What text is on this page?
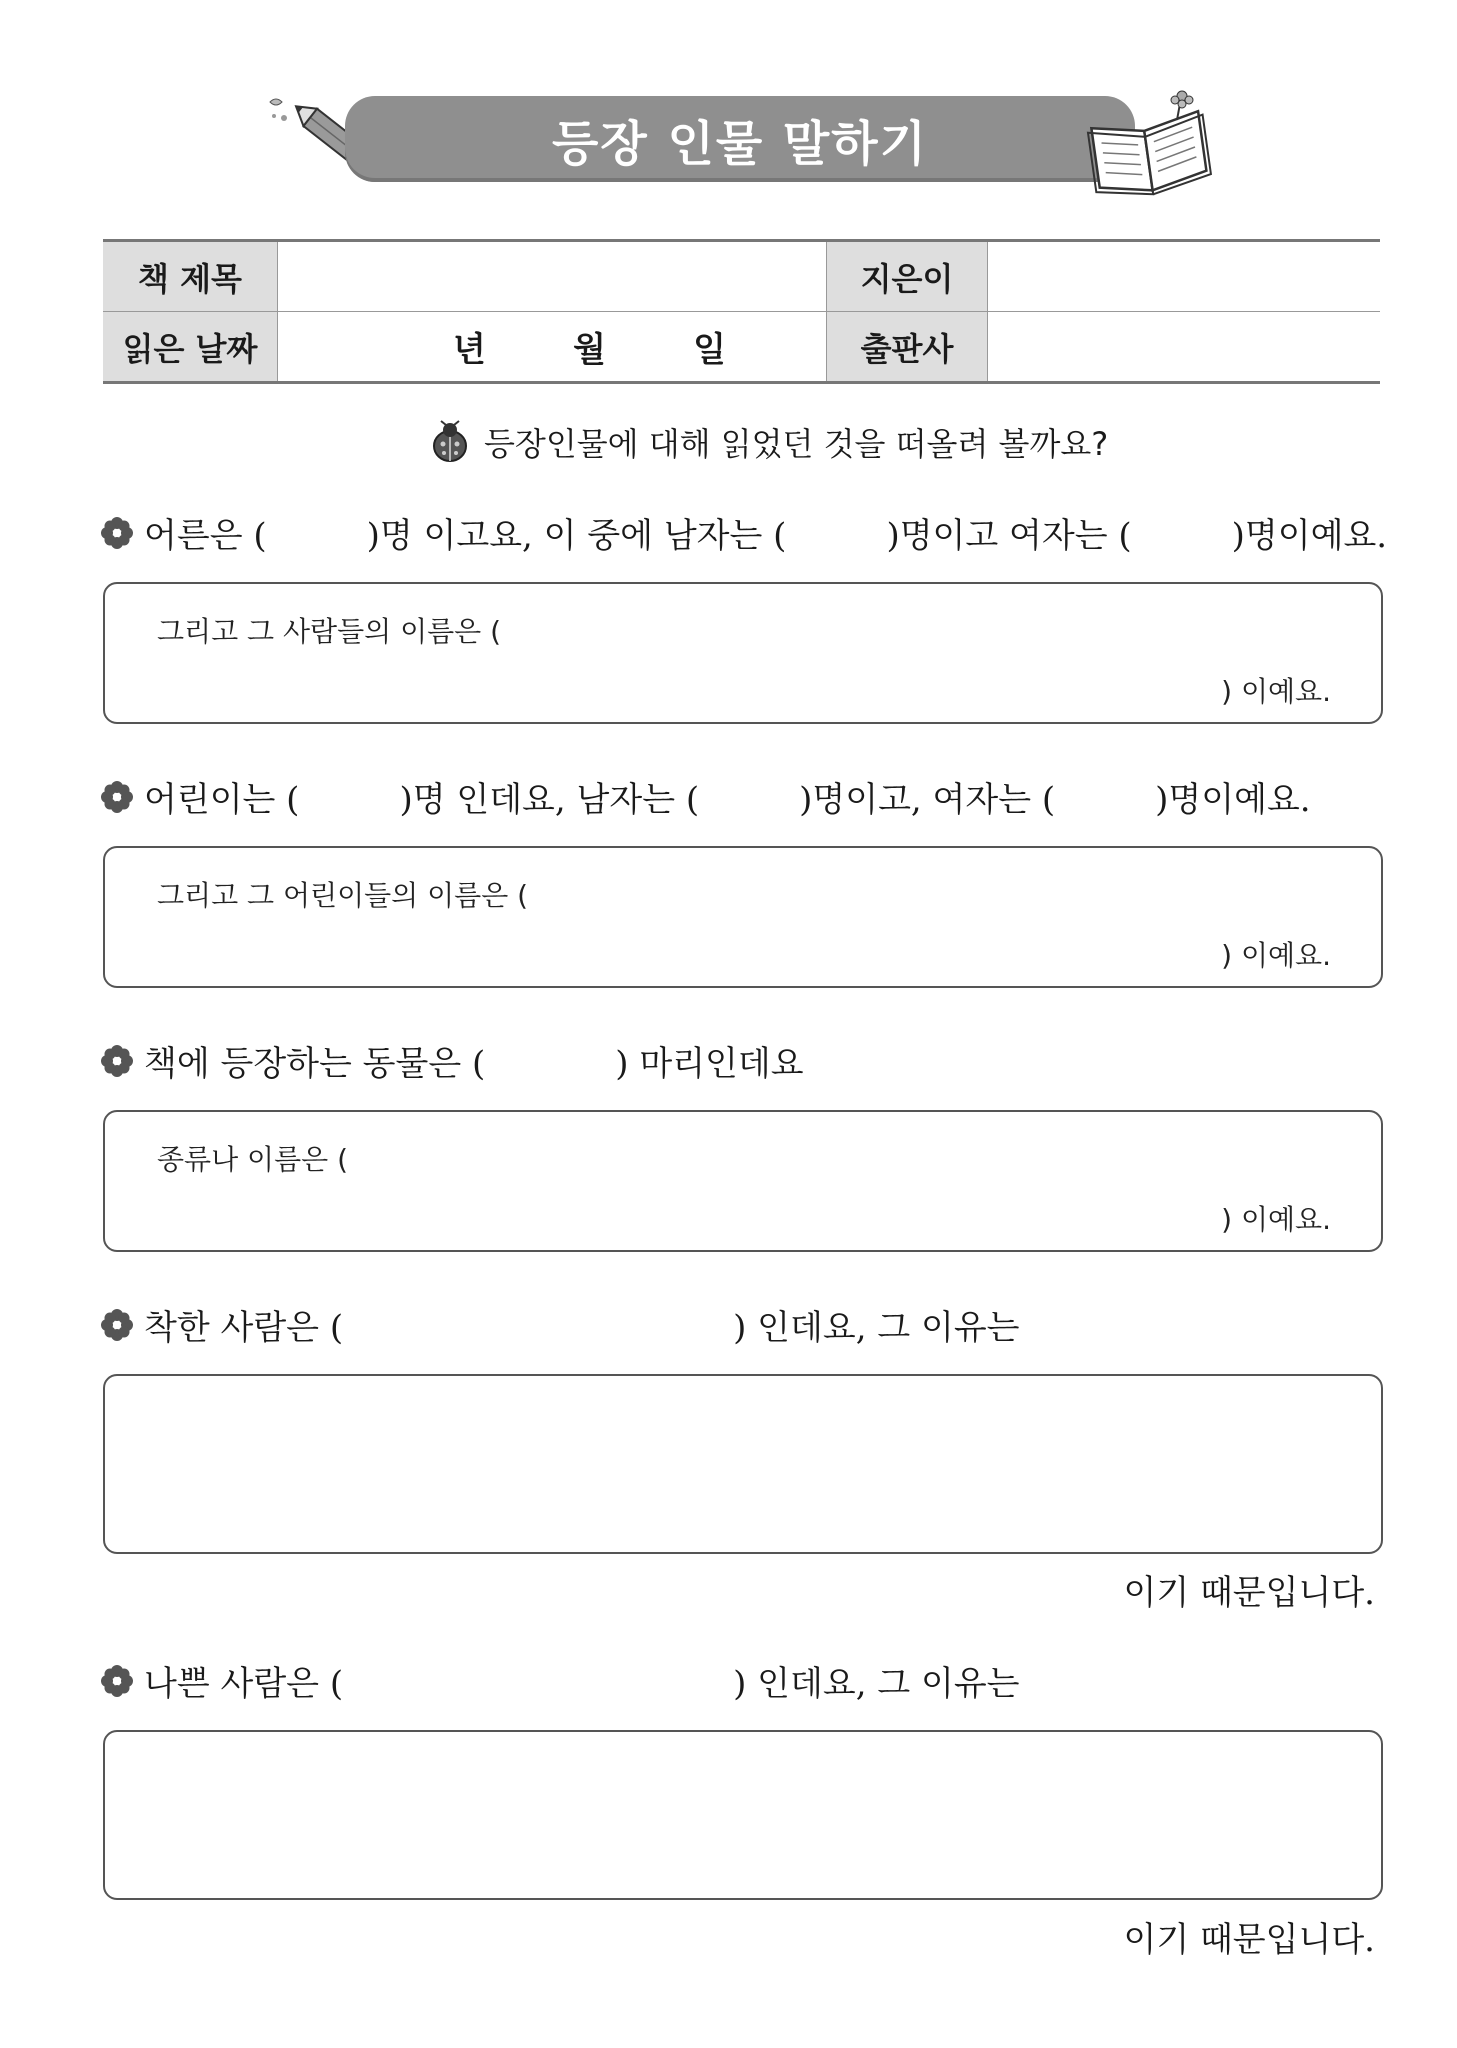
등장 인물 말하기
책 제목		지은이	
읽은 날짜	년 월 일	출판사	
등장인물에 대해 읽었던 것을 떠올려 볼까요?
어른은 (	)명 이고요, 이 중에 남자는 (	)명이고 여자는 (	)명이예요.
그리고 그 사람들의 이름은 (
) 이예요.
어린이는 (	)명 인데요, 남자는 (	)명이고, 여자는 (	)명이예요.
그리고 그 어린이들의 이름은 (
) 이예요.
책에 등장하는 동물은 (	) 마리인데요
종류나 이름은 (
) 이예요.
착한 사람은 (	) 인데요, 그 이유는
이기 때문입니다.
나쁜 사람은 (	) 인데요, 그 이유는
이기 때문입니다.
